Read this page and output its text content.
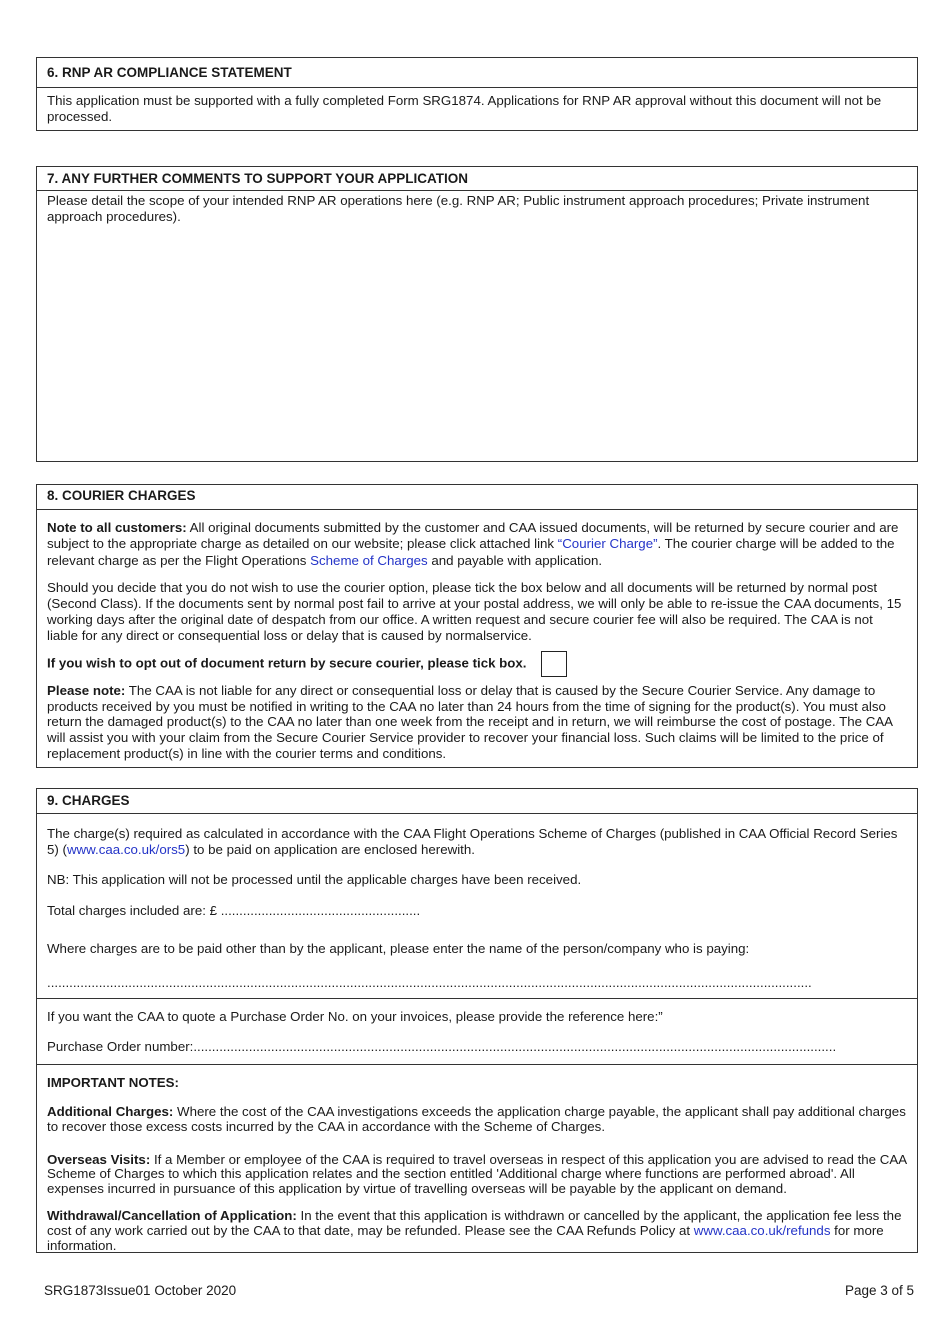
6. RNP AR COMPLIANCE STATEMENT
This application must be supported with a fully completed Form SRG1874. Applications for RNP AR approval without this document will not be processed.
7. ANY FURTHER COMMENTS TO SUPPORT YOUR APPLICATION
Please detail the scope of your intended RNP AR operations here (e.g. RNP AR; Public instrument approach procedures; Private instrument approach procedures).
8. COURIER CHARGES
Note to all customers: All original documents submitted by the customer and CAA issued documents, will be returned by secure courier and are subject to the appropriate charge as detailed on our website; please click attached link “Courier Charge”. The courier charge will be added to the relevant charge as per the Flight Operations Scheme of Charges and payable with application.
Should you decide that you do not wish to use the courier option, please tick the box below and all documents will be returned by normal post (Second Class). If the documents sent by normal post fail to arrive at your postal address, we will only be able to re-issue the CAA documents, 15 working days after the original date of despatch from our office. A written request and secure courier fee will also be required. The CAA is not liable for any direct or consequential loss or delay that is caused by normalservice.
If you wish to opt out of document return by secure courier, please tick box.
Please note: The CAA is not liable for any direct or consequential loss or delay that is caused by the Secure Courier Service. Any damage to products received by you must be notified in writing to the CAA no later than 24 hours from the time of signing for the product(s). You must also return the damaged product(s) to the CAA no later than one week from the receipt and in return, we will reimburse the cost of postage. The CAA will assist you with your claim from the Secure Courier Service provider to recover your financial loss. Such claims will be limited to the price of replacement product(s) in line with the courier terms and conditions.
9. CHARGES
The charge(s) required as calculated in accordance with the CAA Flight Operations Scheme of Charges (published in CAA Official Record Series 5) (www.caa.co.uk/ors5) to be paid on application are enclosed herewith.
NB: This application will not be processed until the applicable charges have been received.
Total charges included are: £ ......................................................
Where charges are to be paid other than by the applicant, please enter the name of the person/company who is paying:
...............................................................................................................................................................................................................
If you want the CAA to quote a Purchase Order No. on your invoices, please provide the reference here:”
Purchase Order number:..............................................................................................................................................................................
IMPORTANT NOTES:
Additional Charges: Where the cost of the CAA investigations exceeds the application charge payable, the applicant shall pay additional charges to recover those excess costs incurred by the CAA in accordance with the Scheme of Charges.
Overseas Visits: If a Member or employee of the CAA is required to travel overseas in respect of this application you are advised to read the CAA Scheme of Charges to which this application relates and the section entitled 'Additional charge where functions are performed abroad'. All expenses incurred in pursuance of this application by virtue of travelling overseas will be payable by the applicant on demand.
Withdrawal/Cancellation of Application: In the event that this application is withdrawn or cancelled by the applicant, the application fee less the cost of any work carried out by the CAA to that date, may be refunded. Please see the CAA Refunds Policy at www.caa.co.uk/refunds for more information.
SRG1873Issue01 October 2020	Page 3 of 5
